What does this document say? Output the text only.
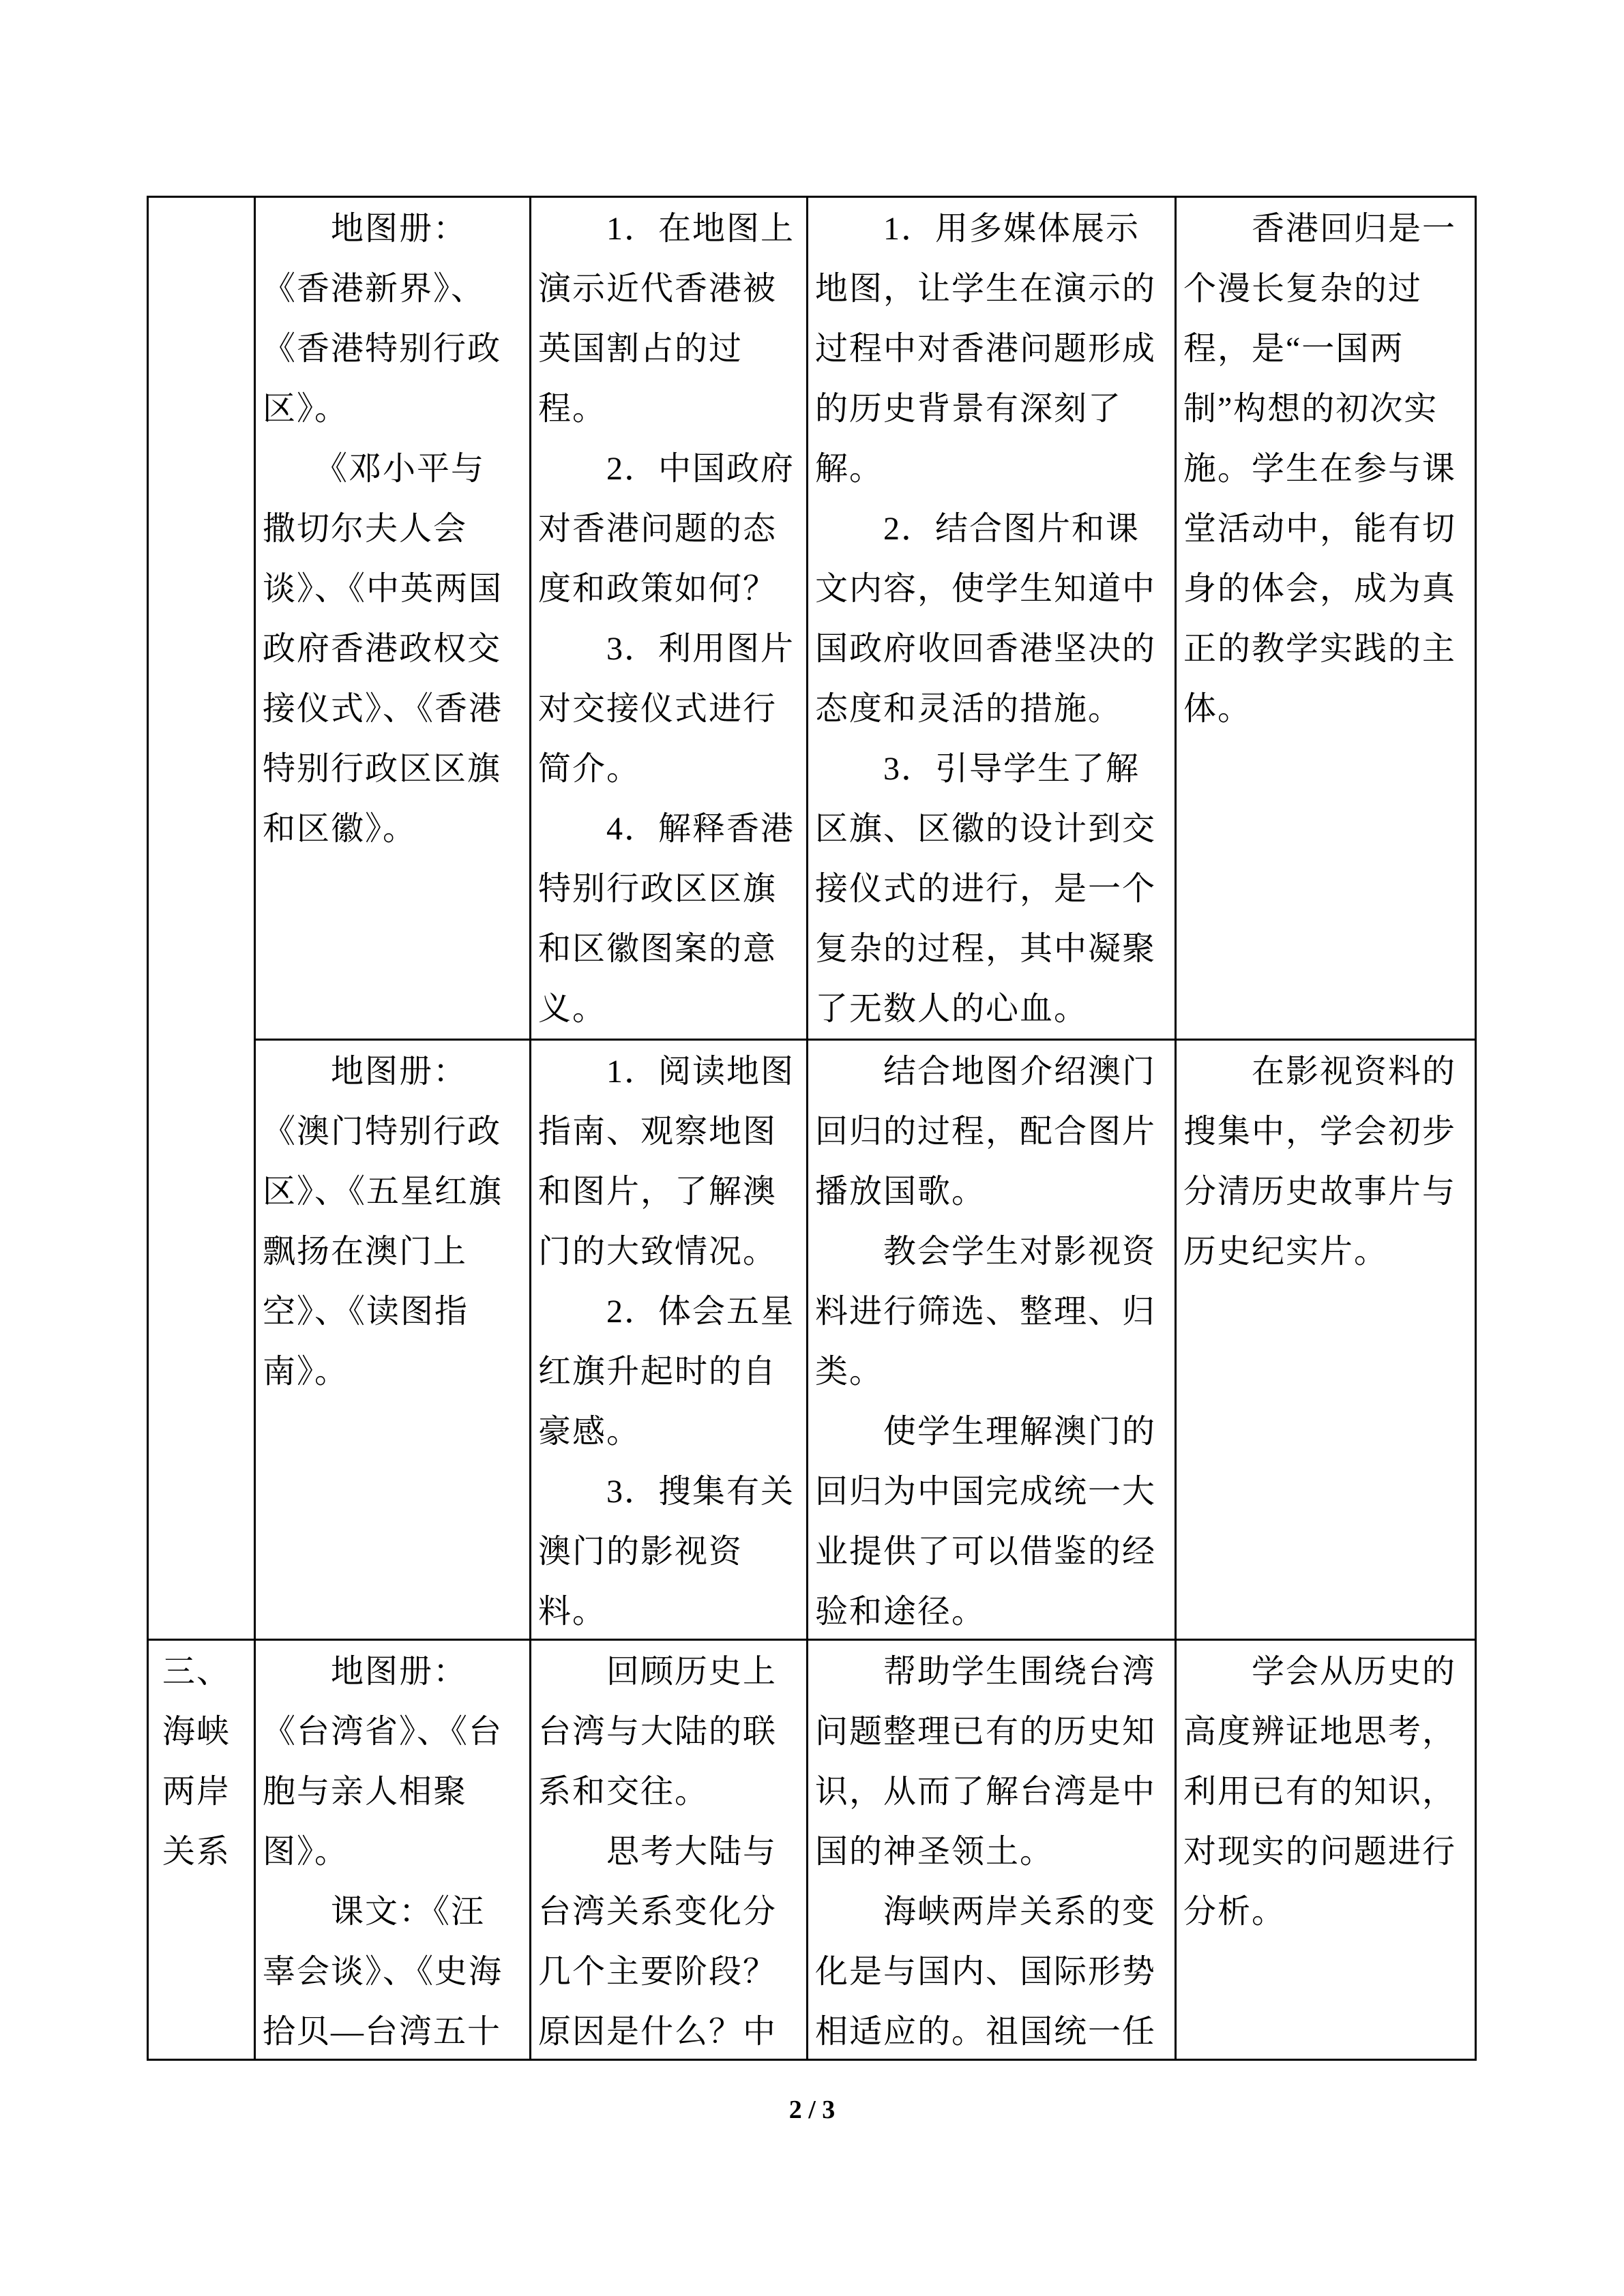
三、
海峡
两岸
关系
　　地图册：
《香港新界》、
《香港特别行政
区》。
　　《邓小平与
撒切尔夫人会
谈》、《中英两国
政府香港政权交
接仪式》、《香港
特别行政区区旗
和区徽》。
　　1．在地图上
演示近代香港被
英国割占的过
程。
　　2．中国政府
对香港问题的态
度和政策如何？
　　3．利用图片
对交接仪式进行
简介。
　　4．解释香港
特别行政区区旗
和区徽图案的意
义。
　　1．用多媒体展示
地图，让学生在演示的
过程中对香港问题形成
的历史背景有深刻了
解。
　　2．结合图片和课
文内容，使学生知道中
国政府收回香港坚决的
态度和灵活的措施。
　　3．引导学生了解
区旗、区徽的设计到交
接仪式的进行，是一个
复杂的过程，其中凝聚
了无数人的心血。
　　香港回归是一
个漫长复杂的过
程，是“一国两
制”构想的初次实
施。学生在参与课
堂活动中，能有切
身的体会，成为真
正的教学实践的主
体。
　　地图册：
《澳门特别行政
区》、《五星红旗
飘扬在澳门上
空》、《读图指
南》。
　　1．阅读地图
指南、观察地图
和图片，了解澳
门的大致情况。
　　2．体会五星
红旗升起时的自
豪感。
　　3．搜集有关
澳门的影视资
料。
　　结合地图介绍澳门
回归的过程，配合图片
播放国歌。
　　教会学生对影视资
料进行筛选、整理、归
类。
　　使学生理解澳门的
回归为中国完成统一大
业提供了可以借鉴的经
验和途径。
　　在影视资料的
搜集中，学会初步
分清历史故事片与
历史纪实片。
　　地图册：
《台湾省》、《台
胞与亲人相聚
图》。
　　课文：《汪
辜会谈》、《史海
拾贝—台湾五十
　　回顾历史上
台湾与大陆的联
系和交往。
　　思考大陆与
台湾关系变化分
几个主要阶段？
原因是什么？中
　　帮助学生围绕台湾
问题整理已有的历史知
识，从而了解台湾是中
国的神圣领土。
　　海峡两岸关系的变
化是与国内、国际形势
相适应的。祖国统一任
　　学会从历史的
高度辨证地思考，
利用已有的知识，
对现实的问题进行
分析。
2 / 3
